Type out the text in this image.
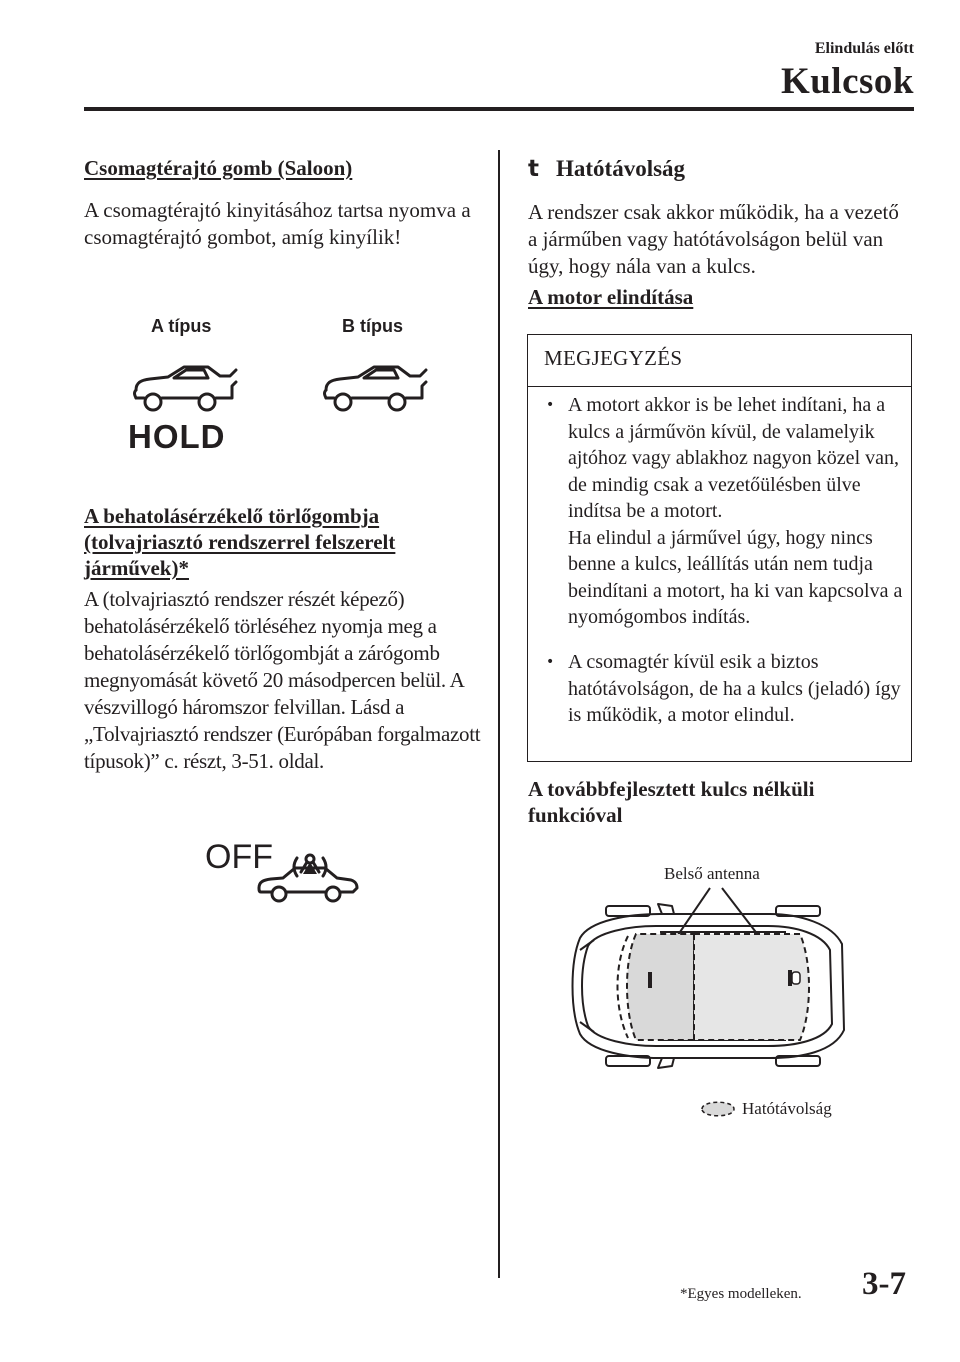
Elindulás előtt
Kulcsok
Csomagtérajtó gomb (Saloon)
A csomagtérajtó kinyitásához tartsa nyomva a csomagtérajtó gombot, amíg kinyílik!
A típus	B típus
HOLD
A behatolásérzékelő törlőgombja (tolvajriasztó rendszerrel felszerelt járművek)*
A (tolvajriasztó rendszer részét képező) behatolásérzékelő törléséhez nyomja meg a behatolásérzékelő törlőgombját a zárógomb megnyomását követő 20 másodpercen belül. A vészvillogó háromszor felvillan. Lásd a „Tolvajriasztó rendszer (Európában forgalmazott típusok)” c. részt, 3-51. oldal.
OFF
t Hatótávolság
A rendszer csak akkor működik, ha a vezető a járműben vagy hatótávolságon belül van úgy, hogy nála van a kulcs.
A motor elindítása
MEGJEGYZÉS
• A motort akkor is be lehet indítani, ha a kulcs a járművön kívül, de valamelyik ajtóhoz vagy ablakhoz nagyon közel van, de mindig csak a vezetőülésben ülve indítsa be a motort.
Ha elindul a járművel úgy, hogy nincs benne a kulcs, leállítás után nem tudja beindítani a motort, ha ki van kapcsolva a nyomógombos indítás.
• A csomagtér kívül esik a biztos hatótávolságon, de ha a kulcs (jeladó) így is működik, a motor elindul.
A továbbfejlesztett kulcs nélküli funkcióval
Belső antenna
Hatótávolság
*Egyes modelleken. 3-7
